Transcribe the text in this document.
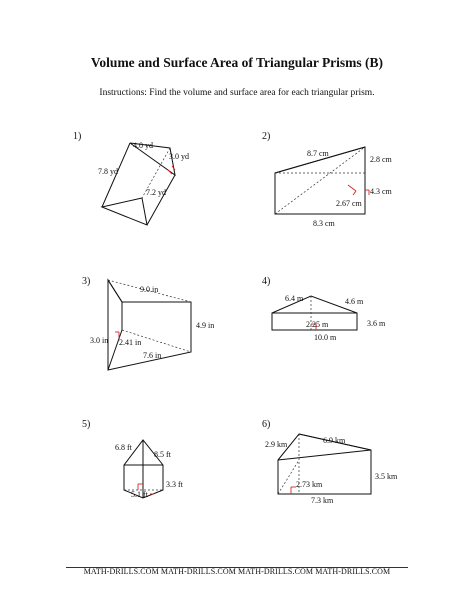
Volume and Surface Area of Triangular Prisms (B)
Instructions: Find the volume and surface area for each triangular prism.
1)
4.0 yd
3.0 yd
7.8 yd
7.2 yd
2)
8.7 cm
2.8 cm
4.3 cm
2.67 cm
8.3 cm
3)
9.0 in
4.9 in
3.0 in 2.41 in
7.6 in
4)
6.4 m	4.6 m
3.6 m
2.25 m
10.0 m
5)
6.8 ft
8.5 ft
3.3 ft
5.1 ft
6)
2.9 km	6.9 km
3.5 km
2.73 km
7.3 km
MATH-DRILLS.COM MATH-DRILLS.COM MATH-DRILLS.COM MATH-DRILLS.COM
